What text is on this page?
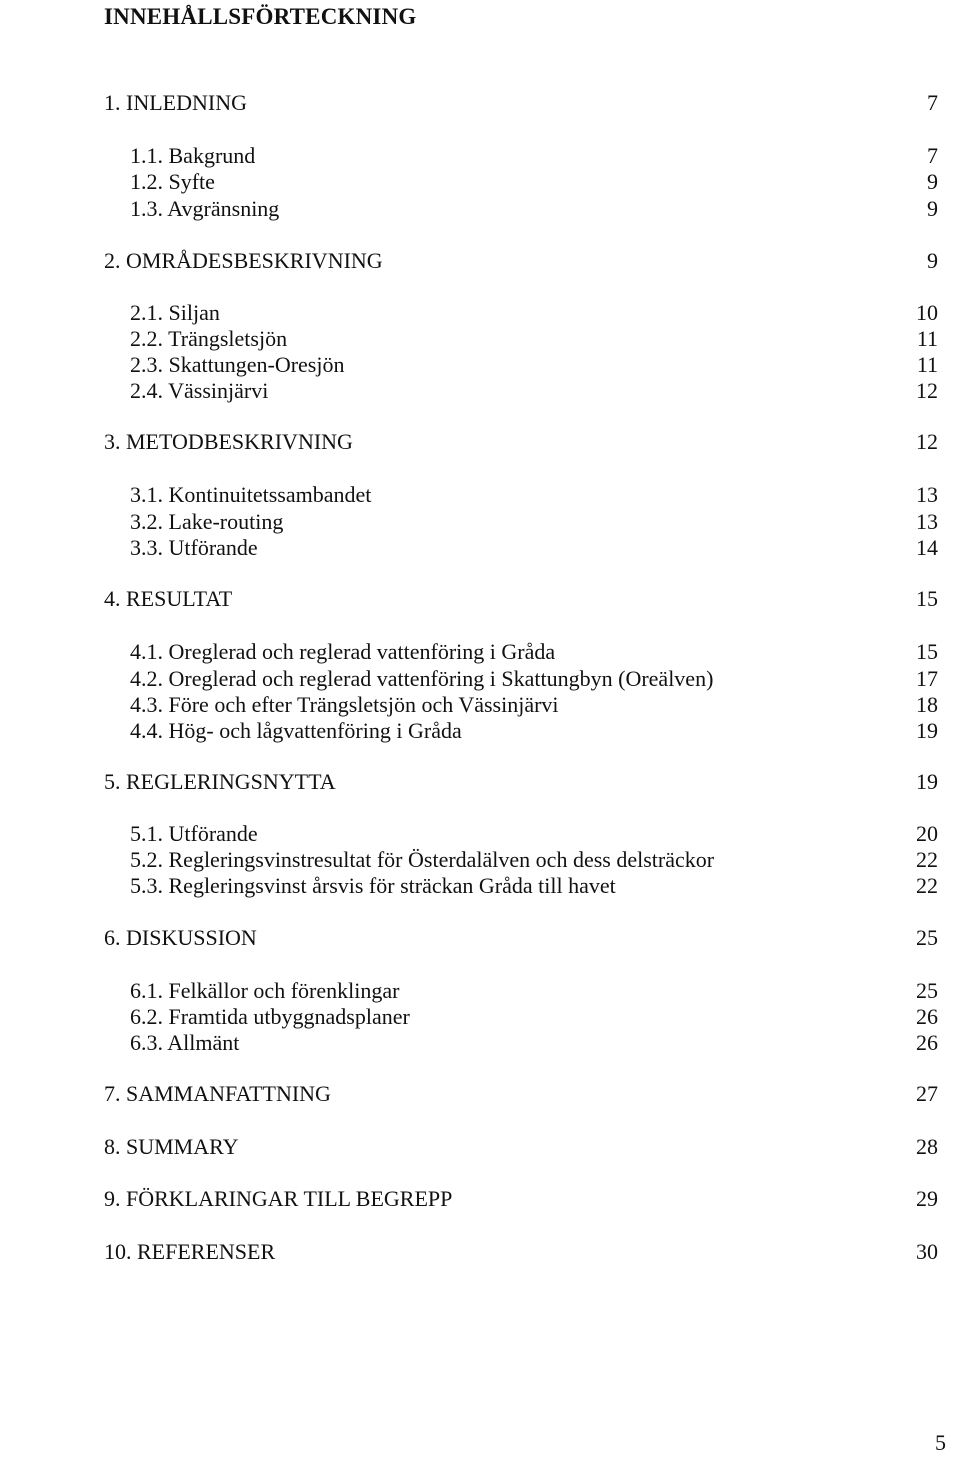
INNEHÅLLSFÖRTECKNING
1. INLEDNING	7
1.1. Bakgrund	7
1.2. Syfte	9
1.3. Avgränsning	9
2. OMRÅDESBESKRIVNING	9
2.1. Siljan	10
2.2. Trängsletsjön	11
2.3. Skattungen-Oresjön	11
2.4. Vässinjärvi	12
3. METODBESKRIVNING	12
3.1. Kontinuitetssambandet	13
3.2. Lake-routing	13
3.3. Utförande	14
4. RESULTAT	15
4.1. Oreglerad och reglerad vattenföring i Gråda	15
4.2. Oreglerad och reglerad vattenföring i Skattungbyn (Oreälven)	17
4.3. Före och efter Trängsletsjön och Vässinjärvi	18
4.4. Hög- och lågvattenföring i Gråda	19
5. REGLERINGSNYTTA	19
5.1. Utförande	20
5.2. Regleringsvinstresultat för Österdalälven och dess delsträckor	22
5.3. Regleringsvinst årsvis för sträckan Gråda till havet	22
6. DISKUSSION	25
6.1. Felkällor och förenklingar	25
6.2. Framtida utbyggnadsplaner	26
6.3. Allmänt	26
7. SAMMANFATTNING	27
8. SUMMARY	28
9. FÖRKLARINGAR TILL BEGREPP	29
10. REFERENSER	30
5
